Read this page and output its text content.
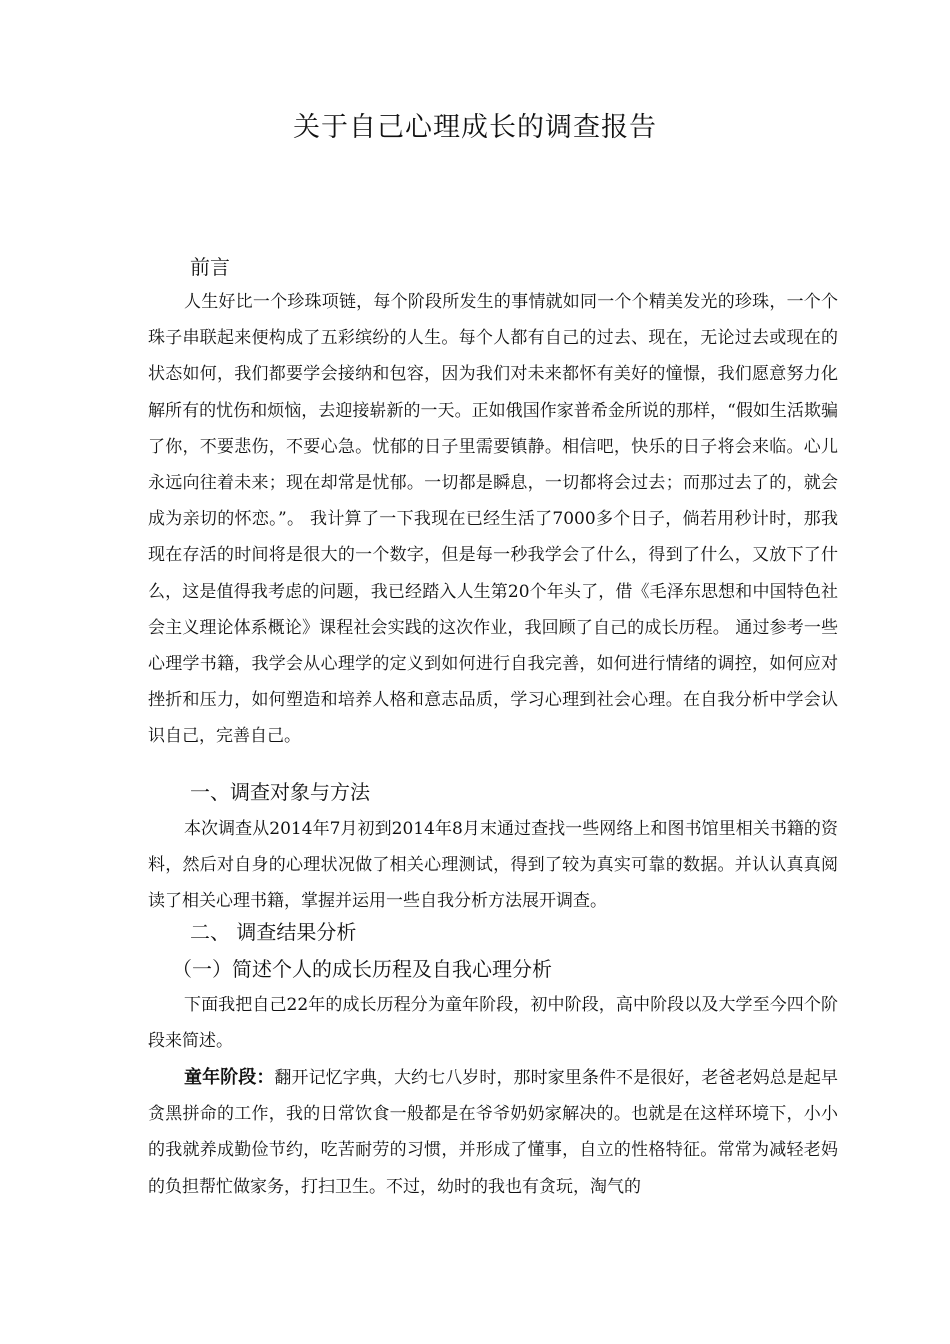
关于自己心理成长的调查报告
前言
人生好比一个珍珠项链，每个阶段所发生的事情就如同一个个精美发光的珍珠，一个个珠子串联起来便构成了五彩缤纷的人生。每个人都有自己的过去、现在，无论过去或现在的状态如何，我们都要学会接纳和包容，因为我们对未来都怀有美好的憧憬，我们愿意努力化解所有的忧伤和烦恼，去迎接崭新的一天。正如俄国作家普希金所说的那样，“假如生活欺骗了你，不要悲伤，不要心急。忧郁的日子里需要镇静。相信吧，快乐的日子将会来临。心儿永远向往着未来；现在却常是忧郁。一切都是瞬息，一切都将会过去；而那过去了的，就会成为亲切的怀恋。”。 我计算了一下我现在已经生活了7000多个日子，倘若用秒计时，那我现在存活的时间将是很大的一个数字，但是每一秒我学会了什么，得到了什么，又放下了什么，这是值得我考虑的问题，我已经踏入人生第20个年头了，借《毛泽东思想和中国特色社会主义理论体系概论》课程社会实践的这次作业，我回顾了自己的成长历程。 通过参考一些心理学书籍，我学会从心理学的定义到如何进行自我完善，如何进行情绪的调控，如何应对挫折和压力，如何塑造和培养人格和意志品质，学习心理到社会心理。在自我分析中学会认识自己，完善自己。
一、调查对象与方法
本次调查从2014年7月初到2014年8月末通过查找一些网络上和图书馆里相关书籍的资料，然后对自身的心理状况做了相关心理测试，得到了较为真实可靠的数据。并认认真真阅读了相关心理书籍，掌握并运用一些自我分析方法展开调查。
二、 调查结果分析
（一）简述个人的成长历程及自我心理分析
下面我把自己22年的成长历程分为童年阶段，初中阶段，高中阶段以及大学至今四个阶段来简述。
童年阶段：翻开记忆字典，大约七八岁时，那时家里条件不是很好，老爸老妈总是起早贪黑拼命的工作，我的日常饮食一般都是在爷爷奶奶家解决的。也就是在这样环境下，小小的我就养成勤俭节约，吃苦耐劳的习惯，并形成了懂事，自立的性格特征。常常为减轻老妈的负担帮忙做家务，打扫卫生。不过，幼时的我也有贪玩，淘气的
